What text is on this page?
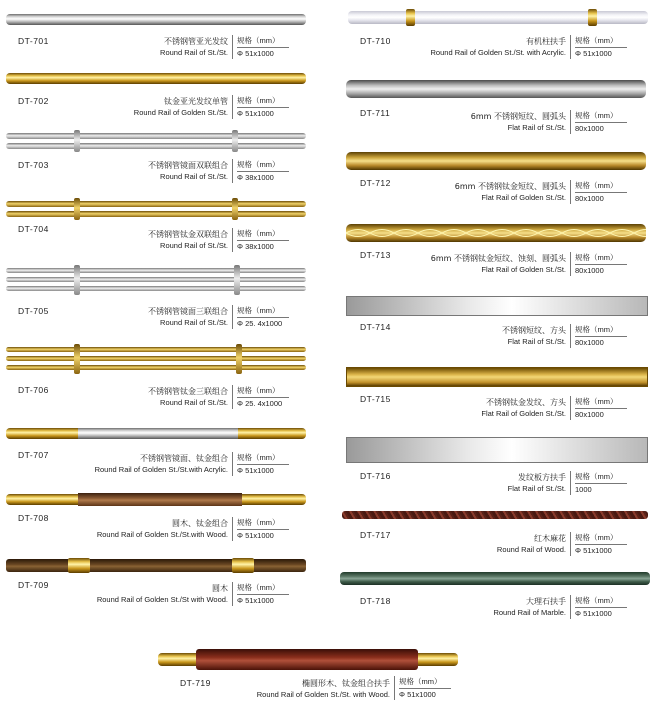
DT-701	不锈钢管亚光发纹
Round Rail of St./St.
规格（mm）
Φ 51x1000
DT-702	钛金亚光发纹单管
Round Rail of Golden St./St.
规格（mm）
Φ 51x1000
DT-703	不锈钢管镜面双联组合
Round Rail of St./St.
规格（mm）
Φ 38x1000
DT-704
不锈钢管钛金双联组合
Round Rail of St./St.
规格（mm）
Φ 38x1000
DT-705	不锈钢管镜面三联组合
Round Rail of St./St.
规格（mm）
Φ 25. 4x1000
DT-706	不锈钢管钛金三联组合
Round Rail of St./St.
规格（mm）
Φ 25. 4x1000
DT-707	不锈钢管镜面、钛金组合
Round Rail of Golden St./St.with Acrylic.
规格（mm）
Φ 51x1000
DT-708
圆木、钛金组合
Round Rail of Golden St./St.with Wood.
规格（mm）
Φ 51x1000
DT-709	圆木
Round Rail of Golden St./St with Wood.
规格（mm）
Φ 51x1000
DT-710	有机柱扶手
Round Rail of Golden St./St. with Acrylic.
规格（mm）
Φ 51x1000
DT-711	6mm 不锈钢短纹、圆弧头
Flat Rail of St./St.
规格（mm）
80x1000
DT-712	6mm 不锈钢钛金短纹、圆弧头
Flat Rail of Golden St./St.
规格（mm）
80x1000
DT-713	6mm 不锈钢钛金短纹、蚀刻、圆弧头
Flat Rail of Golden St./St.
规格（mm）
80x1000
DT-714	不锈钢短纹、方头
Flat Rail of St./St.
规格（mm）
80x1000
DT-715	不锈钢钛金发纹、方头
Flat Rail of Golden St./St.
规格（mm）
80x1000
DT-716	发纹板方扶手
Flat Rail of St./St.
规格（mm）
1000
DT-717	红木麻花
Round Rail of Wood.
规格（mm）
Φ 51x1000
DT-718	大理石扶手
Round Rail of Marble.
规格（mm）
Φ 51x1000
DT-719	椭圆形木、钛金组合扶手
Round Rail of Golden St./St. with Wood.
规格（mm）
Φ 51x1000
